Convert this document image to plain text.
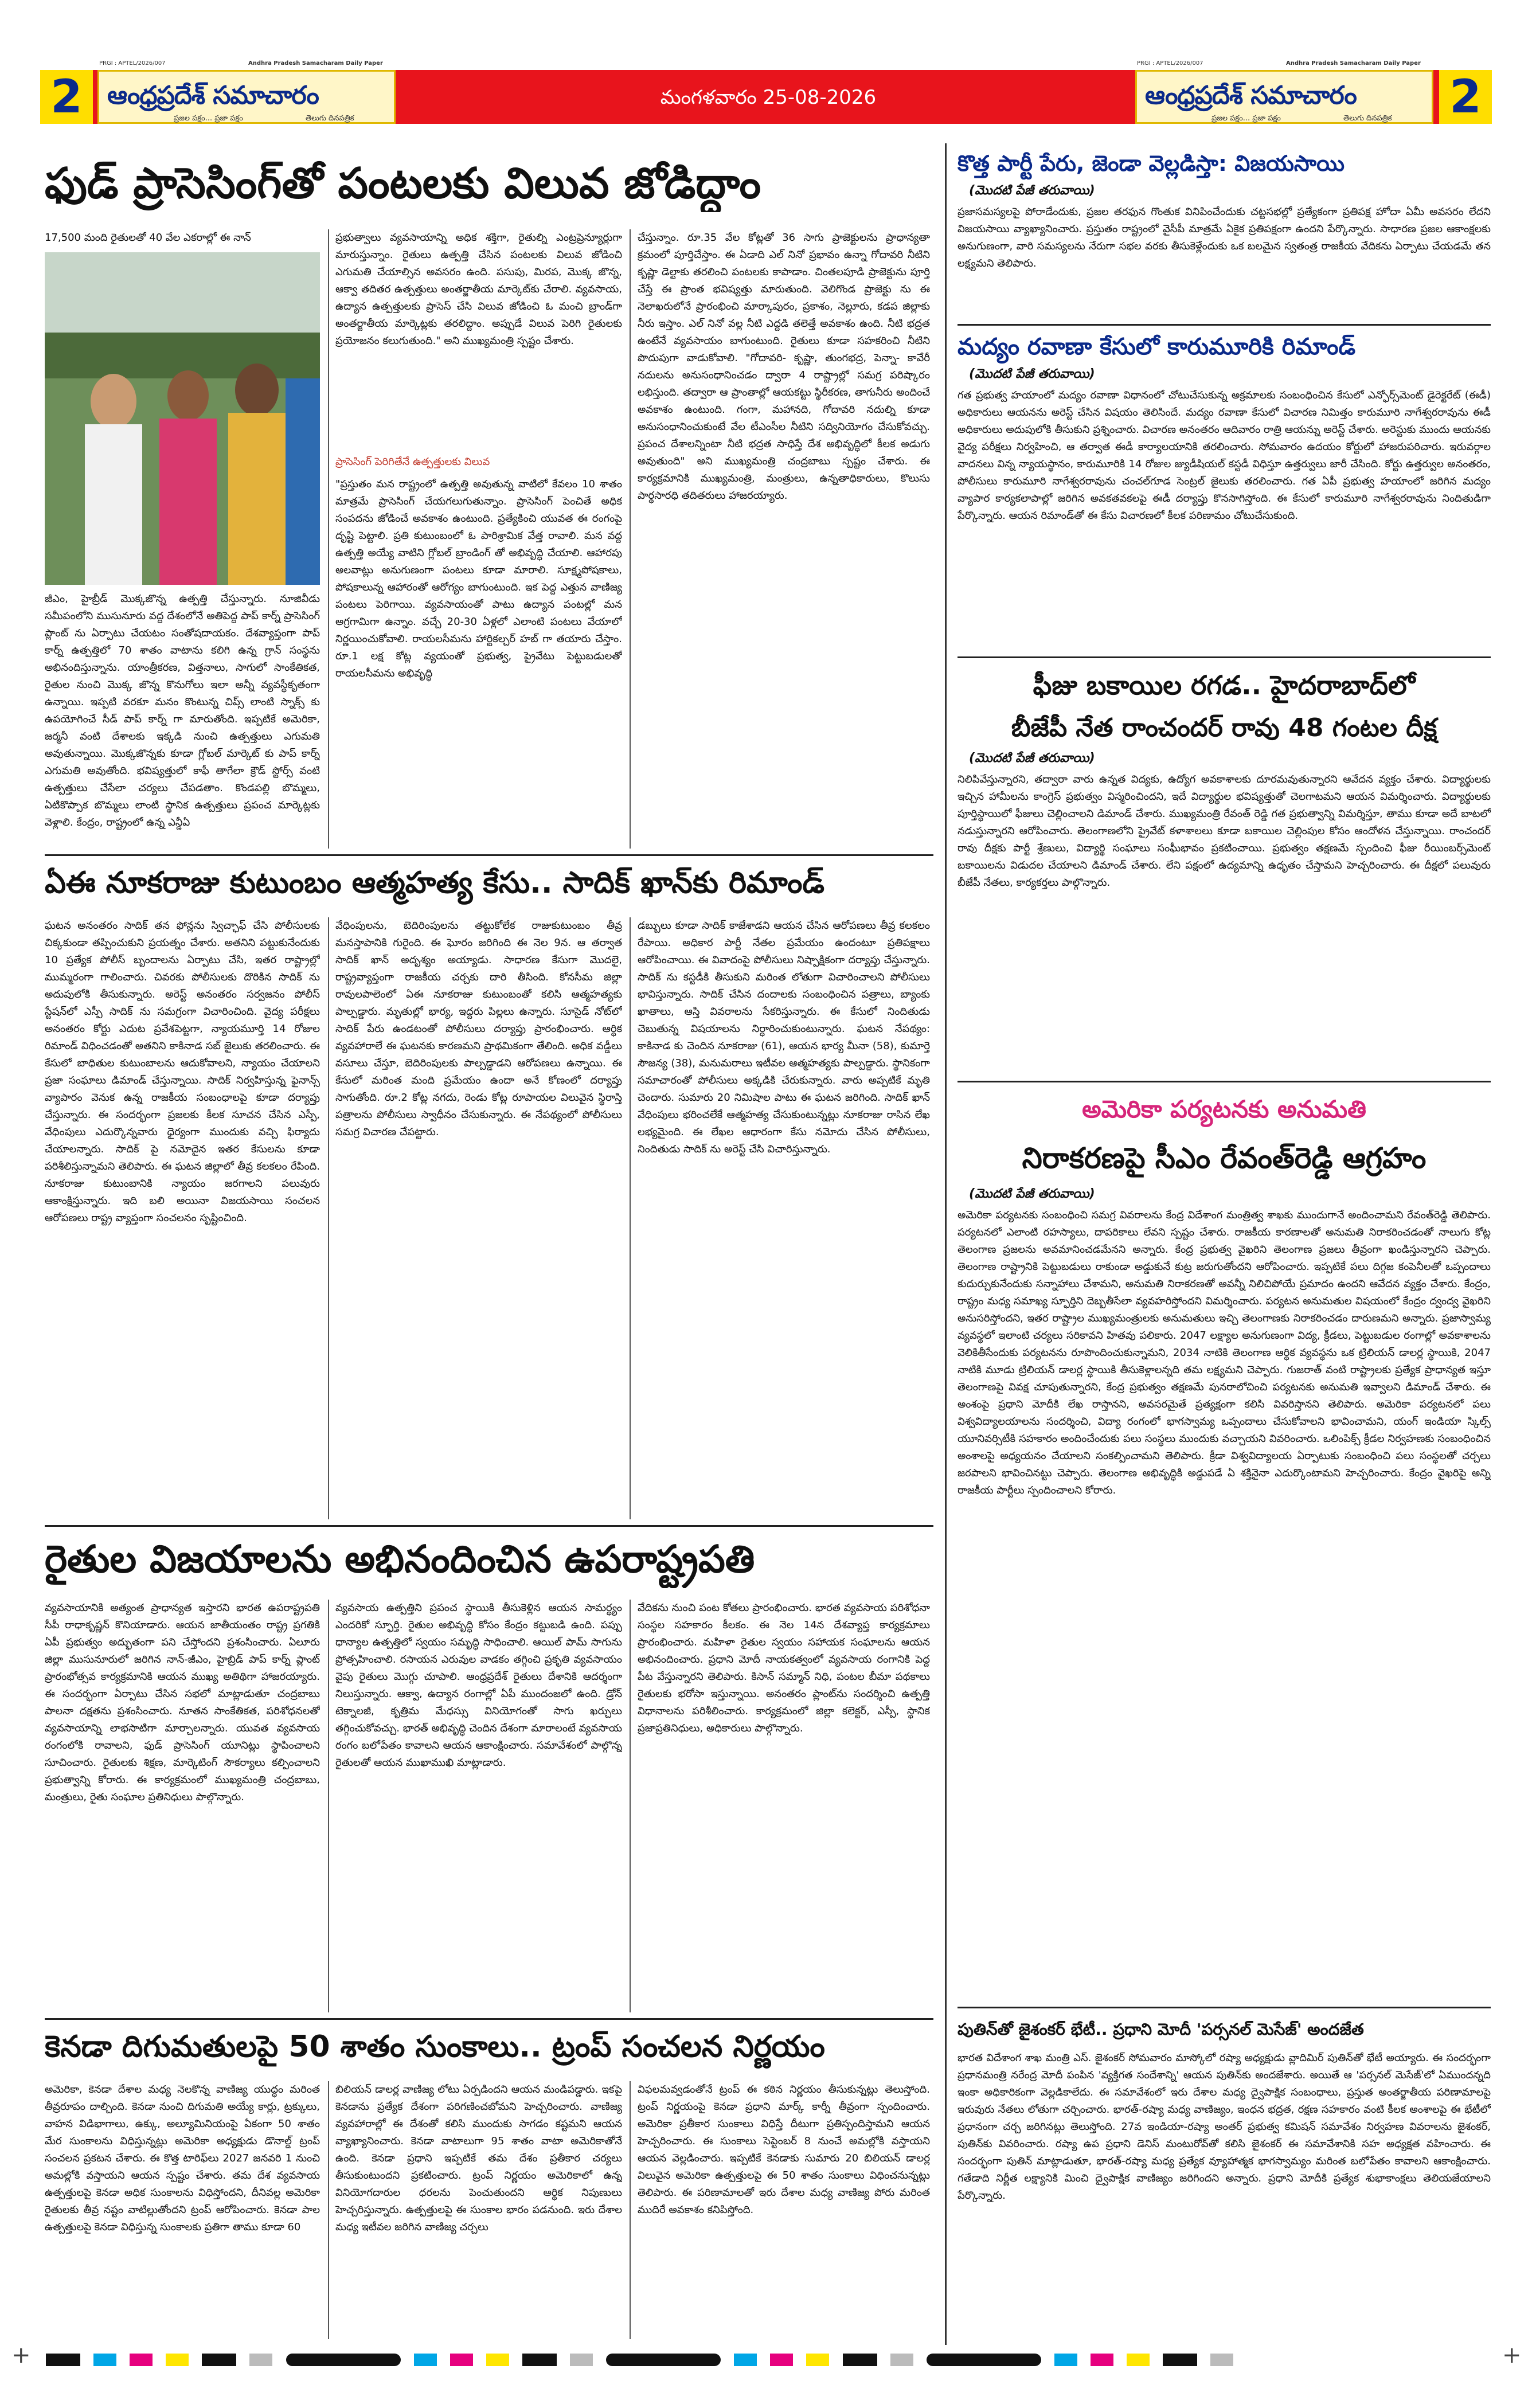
2
PRGI : APTEL/2026/007	Andhra Pradesh Samacharam Daily Paper
ఆంధ్రప్రదేశ్ సమాచారం
ప్రజల పక్షం... ప్రజా పక్షం	తెలుగు దినపత్రిక
మంగళవారం 25-08-2026
PRGI : APTEL/2026/007	Andhra Pradesh Samacharam Daily Paper
ఆంధ్రప్రదేశ్ సమాచారం
ప్రజల పక్షం... ప్రజా పక్షం	తెలుగు దినపత్రిక 2
ఫుడ్ ప్రాసెసింగ్‌తో పంటలకు విలువ జోడిద్దాం
17,500 మంది రైతులతో 40 వేల ఎకరాల్లో ఈ నాన్
జీఎం, హైబ్రీడ్ మొక్కజొన్న ఉత్పత్తి చేస్తున్నారు. నూజివీడు సమీపంలోని ముసునూరు వద్ద దేశంలోనే అతిపెద్ద పాప్ కార్న్ ప్రాసెసింగ్ ప్లాంట్ ను ఏర్పాటు చేయటం సంతోషదాయకం. దేశవ్యాప్తంగా పాప్ కార్న్ ఉత్పత్తిలో 70 శాతం వాటాను కలిగి ఉన్న గ్రాన్ సంస్థను అభినందిస్తున్నాను. యాంత్రీకరణ, విత్తనాలు, సాగులో సాంకేతికత, రైతుల నుంచి మొక్క జొన్న కొనుగోలు ఇలా అన్నీ వ్యవస్థీకృతంగా ఉన్నాయి. ఇప్పటి వరకూ మనం కొంటున్న చిప్స్ లాంటి స్నాక్స్ కు ఉపయోగించే సీడ్ పాప్ కార్న్ గా మారుతోంది. ఇప్పటికే అమెరికా, జర్మనీ వంటి దేశాలకు ఇక్కడి నుంచి ఉత్పత్తులు ఎగుమతి అవుతున్నాయి. మొక్కజొన్నకు కూడా గ్లోబల్ మార్కెట్ కు పాప్ కార్న్ ఎగుమతి అవుతోంది. భవిష్యత్తులో కాఫీ తాగేలా క్రౌడ్ స్టోర్స్ వంటి ఉత్పత్తులు చేసేలా చర్యలు చేపడతాం. కొండపల్లి బొమ్మలు, ఏటికొప్పాక బొమ్మలు లాంటి స్థానిక ఉత్పత్తులు ప్రపంచ మార్కెట్లకు వెళ్లాలి. కేంద్రం, రాష్ట్రంలో ఉన్న ఎన్డీఏ
ప్రభుత్వాలు వ్యవసాయాన్ని అధిక శక్తిగా, రైతుల్ని ఎంట్రప్రెన్యూర్లుగా మారుస్తున్నాం. రైతులు ఉత్పత్తి చేసిన పంటలకు విలువ జోడించి ఎగుమతి చేయాల్సిన అవసరం ఉంది. పసుపు, మిరప, మొక్క జొన్న, ఆక్వా తదితర ఉత్పత్తులు అంతర్జాతీయ మార్కెట్‌కు చేరాలి. వ్యవసాయ, ఉద్యాన ఉత్పత్తులకు ప్రాసెస్ చేసి విలువ జోడించి ఓ మంచి బ్రాండ్‌గా అంతర్జాతీయ మార్కెట్లకు తరలిద్దాం. అప్పుడే విలువ పెరిగి రైతులకు ప్రయోజనం కలుగుతుంది." అని ముఖ్యమంత్రి స్పష్టం చేశారు.
ప్రాసెసింగ్ పెరిగితేనే ఉత్పత్తులకు విలువ
"ప్రస్తుతం మన రాష్ట్రంలో ఉత్పత్తి అవుతున్న వాటిలో కేవలం 10 శాతం మాత్రమే ప్రాసెసింగ్ చేయగలుగుతున్నాం. ప్రాసెసింగ్ పెంచితే అధిక సంపదను జోడించే అవకాశం ఉంటుంది. ప్రత్యేకించి యువత ఈ రంగంపై దృష్టి పెట్టాలి. ప్రతి కుటుంబంలో ఓ పారిశ్రామిక వేత్త రావాలి. మన వద్ద ఉత్పత్తి అయ్యే వాటిని గ్లోబల్ బ్రాండింగ్ తో అభివృద్ధి చేయాలి. ఆహారపు అలవాట్లు అనుగుణంగా పంటలు కూడా మారాలి. సూక్ష్మపోషకాలు, పోషకాలున్న ఆహారంతో ఆరోగ్యం బాగుంటుంది. ఇక పెద్ద ఎత్తున వాణిజ్య పంటలు పెరిగాయి. వ్యవసాయంతో పాటు ఉద్యాన పంటల్లో మన అగ్రగామిగా ఉన్నాం. వచ్చే 20-30 ఏళ్లలో ఎలాంటి పంటలు వేయాలో నిర్ణయించుకోవాలి. రాయలసీమను హార్టికల్చర్ హబ్ గా తయారు చేస్తాం. రూ.1 లక్ష కోట్ల వ్యయంతో ప్రభుత్వ, ప్రైవేటు పెట్టుబడులతో రాయలసీమను అభివృద్ధి
చేస్తున్నాం. రూ.35 వేల కోట్లతో 36 సాగు ప్రాజెక్టులను ప్రాధాన్యతా క్రమంలో పూర్తిచేస్తాం. ఈ ఏడాది ఎల్ నినో ప్రభావం ఉన్నా గోదావరి నీటిని కృష్ణా డెల్టాకు తరలించి పంటలకు కాపాడాం. చింతలపూడి ప్రాజెక్టును పూర్తి చేస్తే ఈ ప్రాంత భవిష్యత్తు మారుతుంది. వెలిగొండ ప్రాజెక్టు ను ఈ నెలాఖరులోనే ప్రారంభించి మార్కాపురం, ప్రకాశం, నెల్లూరు, కడప జిల్లాకు నీరు ఇస్తాం. ఎల్ నినో వల్ల నీటి ఎద్దడి తలెత్తే అవకాశం ఉంది. నీటి భద్రత ఉంటేనే వ్యవసాయం బాగుంటుంది. రైతులు కూడా సహకరించి నీటిని పొదుపుగా వాడుకోవాలి. "గోదావరి- కృష్ణా, తుంగభద్ర, పెన్నా- కావేరీ నదులను అనుసంధానించడం ద్వారా 4 రాష్ట్రాల్లో సమగ్ర పరిష్కారం లభిస్తుంది. తద్వారా ఆ ప్రాంతాల్లో ఆయకట్టు స్థిరీకరణ, తాగునీరు అందించే అవకాశం ఉంటుంది. గంగా, మహానది, గోదావరి నదుల్ని కూడా అనుసంధానించుకుంటే వేల టీఎంసీల నీటిని సద్వినియోగం చేసుకోవచ్చు. ప్రపంచ దేశాలన్నింటా నీటి భద్రత సాధిస్తే దేశ అభివృద్ధిలో కీలక అడుగు అవుతుంది" అని ముఖ్యమంత్రి చంద్రబాబు స్పష్టం చేశారు. ఈ కార్యక్రమానికి ముఖ్యమంత్రి, మంత్రులు, ఉన్నతాధికారులు, కొలుసు పార్థసారధి తదితరులు హాజరయ్యారు.
ఏఈ నూకరాజు కుటుంబం ఆత్మహత్య కేసు.. సాదిక్ ఖాన్‌కు రిమాండ్
ఘటన అనంతరం సాదిక్ తన ఫోన్లను స్విచ్ఛాఫ్ చేసి పోలీసులకు చిక్కకుండా తప్పించుకుని ప్రయత్నం చేశారు. అతనిని పట్టుకునేందుకు 10 ప్రత్యేక పోలీస్ బృందాలను ఏర్పాటు చేసి, ఇతర రాష్ట్రాల్లో ముమ్మరంగా గాలించారు. చివరకు పోలీసులకు దొరికిన సాదిక్ ను అదుపులోకి తీసుకున్నారు. అరెస్ట్ అనంతరం సర్వజనం పోలీస్ స్టేషన్‌లో ఎస్పీ సాదిక్ ను సమగ్రంగా విచారించింది. వైద్య పరీక్షలు అనంతరం కోర్టు ఎదుట ప్రవేశపెట్టగా, న్యాయమూర్తి 14 రోజుల రిమాండ్ విధించడంతో అతనిని కాకినాడ సబ్ జైలుకు తరలించారు. ఈ కేసులో బాధితుల కుటుంబాలను ఆదుకోవాలని, న్యాయం చేయాలని ప్రజా సంఘాలు డిమాండ్ చేస్తున్నాయి. సాదిక్ నిర్వహిస్తున్న ఫైనాన్స్ వ్యాపారం వెనుక ఉన్న రాజకీయ సంబంధాలపై కూడా దర్యాప్తు చేస్తున్నారు. ఈ సందర్భంగా ప్రజలకు కీలక సూచన చేసిన ఎస్పీ, వేధింపులు ఎదుర్కొన్నవారు ధైర్యంగా ముందుకు వచ్చి ఫిర్యాదు చేయాలన్నారు. సాదిక్ పై నమోదైన ఇతర కేసులను కూడా పరిశీలిస్తున్నామని తెలిపారు. ఈ ఘటన జిల్లాలో తీవ్ర కలకలం రేపింది. నూకరాజు కుటుంబానికి న్యాయం జరగాలని పలువురు ఆకాంక్షిస్తున్నారు. ఇది బలి అయినా విజయసాయి సంచలన ఆరోపణలు రాష్ట్ర వ్యాప్తంగా సంచలనం సృష్టించింది.
వేధింపులను, బెదిరింపులను తట్టుకోలేక రాజుకుటుంబం తీవ్ర మనస్తాపానికి గురైంది. ఈ ఘోరం జరిగింది ఈ నెల 9న. ఆ తర్వాత సాదిక్ ఖాన్ అదృశ్యం అయ్యాడు. సాధారణ కేసుగా మొదలై, రాష్ట్రవ్యాప్తంగా రాజకీయ చర్చకు దారి తీసింది. కోనసీమ జిల్లా రావులపాలెంలో ఏఈ నూకరాజు కుటుంబంతో కలిసి ఆత్మహత్యకు పాల్పడ్డారు. మృతుల్లో భార్య, ఇద్దరు పిల్లలు ఉన్నారు. సూసైడ్ నోట్‌లో సాదిక్ పేరు ఉండటంతో పోలీసులు దర్యాప్తు ప్రారంభించారు. ఆర్థిక వ్యవహారాలే ఈ ఘటనకు కారణమని ప్రాథమికంగా తేలింది. అధిక వడ్డీలు వసూలు చేస్తూ, బెదిరింపులకు పాల్పడ్డాడని ఆరోపణలు ఉన్నాయి. ఈ కేసులో మరింత మంది ప్రమేయం ఉందా అనే కోణంలో దర్యాప్తు సాగుతోంది. రూ.2 కోట్ల నగదు, రెండు కోట్ల రూపాయల విలువైన స్థిరాస్తి పత్రాలను పోలీసులు స్వాధీనం చేసుకున్నారు. ఈ నేపథ్యంలో పోలీసులు సమగ్ర విచారణ చేపట్టారు.
డబ్బులు కూడా సాదిక్ కాజేశాడని ఆయన చేసిన ఆరోపణలు తీవ్ర కలకలం రేపాయి. అధికార పార్టీ నేతల ప్రమేయం ఉందంటూ ప్రతిపక్షాలు ఆరోపించాయి. ఈ వివాదంపై పోలీసులు నిష్పాక్షికంగా దర్యాప్తు చేస్తున్నారు. సాదిక్ ను కస్టడీకి తీసుకుని మరింత లోతుగా విచారించాలని పోలీసులు భావిస్తున్నారు. సాదిక్ చేసిన దందాలకు సంబంధించిన పత్రాలు, బ్యాంకు ఖాతాలు, ఆస్తి వివరాలను సేకరిస్తున్నారు. ఈ కేసులో నిందితుడు చెబుతున్న విషయాలను నిర్ధారించుకుంటున్నారు. ఘటన నేపథ్యం: కాకినాడ కు చెందిన నూకరాజు (61), ఆయన భార్య మీనా (58), కుమార్తె సౌజన్య (38), మనుమరాలు ఇటీవల ఆత్మహత్యకు పాల్పడ్డారు. స్థానికంగా సమాచారంతో పోలీసులు అక్కడికి చేరుకున్నారు. వారు అప్పటికే మృతి చెందారు. సుమారు 20 నిమిషాల పాటు ఈ ఘటన జరిగింది. సాదిక్ ఖాన్ వేధింపులు భరించలేకే ఆత్మహత్య చేసుకుంటున్నట్లు నూకరాజు రాసిన లేఖ లభ్యమైంది. ఈ లేఖల ఆధారంగా కేసు నమోదు చేసిన పోలీసులు, నిందితుడు సాదిక్ ను అరెస్ట్ చేసి విచారిస్తున్నారు.
రైతుల విజయాలను అభినందించిన ఉపరాష్ట్రపతి
వ్యవసాయానికి అత్యంత ప్రాధాన్యత ఇస్తారని భారత ఉపరాష్ట్రపతి సీపీ రాధాకృష్ణన్ కొనియాడారు. ఆయన జాతీయంతం రాష్ట్ర ప్రగతికి ఏపీ ప్రభుత్వం అద్భుతంగా పని చేస్తోందని ప్రశంసించారు. ఏలూరు జిల్లా ముసునూరులో జరిగిన నాన్-జీఎం, హైబ్రిడ్ పాప్ కార్న్ ప్లాంట్ ప్రారంభోత్సవ కార్యక్రమానికి ఆయన ముఖ్య అతిథిగా హాజరయ్యారు. ఈ సందర్భంగా ఏర్పాటు చేసిన సభలో మాట్లాడుతూ చంద్రబాబు పాలనా దక్షతను ప్రశంసించారు. నూతన సాంకేతికత, పరిశోధనలతో వ్యవసాయాన్ని లాభసాటిగా మార్చాలన్నారు. యువత వ్యవసాయ రంగంలోకి రావాలని, ఫుడ్ ప్రాసెసింగ్ యూనిట్లు స్థాపించాలని సూచించారు. రైతులకు శిక్షణ, మార్కెటింగ్ సౌకర్యాలు కల్పించాలని ప్రభుత్వాన్ని కోరారు. ఈ కార్యక్రమంలో ముఖ్యమంత్రి చంద్రబాబు, మంత్రులు, రైతు సంఘాల ప్రతినిధులు పాల్గొన్నారు.
వ్యవసాయ ఉత్పత్తిని ప్రపంచ స్థాయికి తీసుకెళ్లిన ఆయన సామర్థ్యం ఎందరికో స్ఫూర్తి. రైతుల అభివృద్ధి కోసం కేంద్రం కట్టుబడి ఉంది. పప్పు ధాన్యాల ఉత్పత్తిలో స్వయం సమృద్ధి సాధించాలి. ఆయిల్ పామ్ సాగును ప్రోత్సహించాలి. రసాయన ఎరువుల వాడకం తగ్గించి ప్రకృతి వ్యవసాయం వైపు రైతులు మొగ్గు చూపాలి. ఆంధ్రప్రదేశ్ రైతులు దేశానికి ఆదర్శంగా నిలుస్తున్నారు. ఆక్వా, ఉద్యాన రంగాల్లో ఏపీ ముందంజలో ఉంది. డ్రోన్ టెక్నాలజీ, కృత్రిమ మేధస్సు వినియోగంతో సాగు ఖర్చులు తగ్గించుకోవచ్చు. భారత్ అభివృద్ధి చెందిన దేశంగా మారాలంటే వ్యవసాయ రంగం బలోపేతం కావాలని ఆయన ఆకాంక్షించారు. సమావేశంలో పాల్గొన్న రైతులతో ఆయన ముఖాముఖి మాట్లాడారు.
వేదికను నుంచి పంట కోతలు ప్రారంభించారు. భారత వ్యవసాయ పరిశోధనా సంస్థల సహకారం కీలకం. ఈ నెల 14న దేశవ్యాప్త కార్యక్రమాలు ప్రారంభించారు. మహిళా రైతుల స్వయం సహాయక సంఘాలను ఆయన అభినందించారు. ప్రధాని మోదీ నాయకత్వంలో వ్యవసాయ రంగానికి పెద్ద పీట వేస్తున్నారని తెలిపారు. కిసాన్ సమ్మాన్ నిధి, పంటల బీమా పథకాలు రైతులకు భరోసా ఇస్తున్నాయి. అనంతరం ప్లాంట్‌ను సందర్శించి ఉత్పత్తి విధానాలను పరిశీలించారు. కార్యక్రమంలో జిల్లా కలెక్టర్, ఎస్పీ, స్థానిక ప్రజాప్రతినిధులు, అధికారులు పాల్గొన్నారు.
కెనడా దిగుమతులపై 50 శాతం సుంకాలు.. ట్రంప్ సంచలన నిర్ణయం
అమెరికా, కెనడా దేశాల మధ్య నెలకొన్న వాణిజ్య యుద్ధం మరింత తీవ్రరూపం దాల్చింది. కెనడా నుంచి దిగుమతి అయ్యే కార్లు, ట్రక్కులు, వాహన విడిభాగాలు, ఉక్కు, అల్యూమినియంపై ఏకంగా 50 శాతం మేర సుంకాలను విధిస్తున్నట్లు అమెరికా అధ్యక్షుడు డొనాల్డ్ ట్రంప్ సంచలన ప్రకటన చేశారు. ఈ కొత్త టారిఫ్‌లు 2027 జనవరి 1 నుంచి అమల్లోకి వస్తాయని ఆయన స్పష్టం చేశారు. తమ దేశ వ్యవసాయ ఉత్పత్తులపై కెనడా అధిక సుంకాలను విధిస్తోందని, దీనివల్ల అమెరికా రైతులకు తీవ్ర నష్టం వాటిల్లుతోందని ట్రంప్ ఆరోపించారు. కెనడా పాల ఉత్పత్తులపై కెనడా విధిస్తున్న సుంకాలకు ప్రతిగా తాము కూడా 60
బిలియన్ డాలర్ల వాణిజ్య లోటు ఏర్పడిందని ఆయన మండిపడ్డారు. ఇకపై కెనడాను ప్రత్యేక దేశంగా పరిగణించబోమని హెచ్చరించారు. వాణిజ్య వ్యవహారాల్లో ఈ దేశంతో కలిసి ముందుకు సాగడం కష్టమని ఆయన వ్యాఖ్యానించారు. కెనడా వాటాలుగా 95 శాతం వాటా అమెరికాతోనే ఉంది. కెనడా ప్రధాని ఇప్పటికే తమ దేశం ప్రతీకార చర్యలు తీసుకుంటుందని ప్రకటించారు. ట్రంప్ నిర్ణయం అమెరికాలో ఉన్న వినియోగదారుల ధరలను పెంచుతుందని ఆర్థిక నిపుణులు హెచ్చరిస్తున్నారు. ఉత్పత్తులపై ఈ సుంకాల భారం పడనుంది. ఇరు దేశాల మధ్య ఇటీవల జరిగిన వాణిజ్య చర్చలు
విఫలమవ్వడంతోనే ట్రంప్ ఈ కఠిన నిర్ణయం తీసుకున్నట్లు తెలుస్తోంది. ట్రంప్ నిర్ణయంపై కెనడా ప్రధాని మార్క్ కార్నీ తీవ్రంగా స్పందించారు. అమెరికా ప్రతీకార సుంకాలు విధిస్తే దీటుగా ప్రతిస్పందిస్తామని ఆయన హెచ్చరించారు. ఈ సుంకాలు సెప్టెంబర్ 8 నుంచే అమల్లోకి వస్తాయని ఆయన వెల్లడించారు. ఇప్పటికే కెనడాకు సుమారు 20 బిలియన్ డాలర్ల విలువైన అమెరికా ఉత్పత్తులపై ఈ 50 శాతం సుంకాలు విధించనున్నట్లు తెలిపారు. ఈ పరిణామాలతో ఇరు దేశాల మధ్య వాణిజ్య పోరు మరింత ముదిరే అవకాశం కనిపిస్తోంది.
కొత్త పార్టీ పేరు, జెండా వెల్లడిస్తా: విజయసాయి
(మొదటి పేజీ తరువాయి)
ప్రజాసమస్యలపై పోరాడేందుకు, ప్రజల తరఫున గొంతుక వినిపించేందుకు చట్టసభల్లో ప్రత్యేకంగా ప్రతిపక్ష హోదా ఏమీ అవసరం లేదని విజయసాయి వ్యాఖ్యానించారు. ప్రస్తుతం రాష్ట్రంలో వైసీపీ మాత్రమే ఏకైక ప్రతిపక్షంగా ఉందని పేర్కొన్నారు. సాధారణ ప్రజల ఆకాంక్షలకు అనుగుణంగా, వారి సమస్యలను నేరుగా సభల వరకు తీసుకెళ్లేందుకు ఒక బలమైన స్వతంత్ర రాజకీయ వేదికను ఏర్పాటు చేయడమే తన లక్ష్యమని తెలిపారు.
మద్యం రవాణా కేసులో కారుమూరికి రిమాండ్
(మొదటి పేజీ తరువాయి)
గత ప్రభుత్వ హయాంలో మద్యం రవాణా విధానంలో చోటుచేసుకున్న అక్రమాలకు సంబంధించిన కేసులో ఎన్ఫోర్స్‌మెంట్ డైరెక్టరేట్ (ఈడీ) అధికారులు ఆయనను అరెస్ట్ చేసిన విషయం తెలిసిందే. మద్యం రవాణా కేసులో విచారణ నిమిత్తం కారుమూరి నాగేశ్వరరావును ఈడీ అధికారులు అదుపులోకి తీసుకుని ప్రశ్నించారు. విచారణ అనంతరం ఆదివారం రాత్రి ఆయన్ను అరెస్ట్ చేశారు. అరెస్టుకు ముందు ఆయనకు వైద్య పరీక్షలు నిర్వహించి, ఆ తర్వాత ఈడీ కార్యాలయానికి తరలించారు. సోమవారం ఉదయం కోర్టులో హాజరుపరిచారు. ఇరువర్గాల వాదనలు విన్న న్యాయస్థానం, కారుమూరికి 14 రోజుల జ్యుడీషియల్ కస్టడీ విధిస్తూ ఉత్తర్వులు జారీ చేసింది. కోర్టు ఉత్తర్వుల అనంతరం, పోలీసులు కారుమూరి నాగేశ్వరరావును చంచల్‌గూడ సెంట్రల్ జైలుకు తరలించారు. గత ఏపీ ప్రభుత్వ హయాంలో జరిగిన మద్యం వ్యాపార కార్యకలాపాల్లో జరిగిన అవకతవకలపై ఈడీ దర్యాప్తు కొనసాగిస్తోంది. ఈ కేసులో కారుమూరి నాగేశ్వరరావును నిందితుడిగా పేర్కొన్నారు. ఆయన రిమాండ్‌తో ఈ కేసు విచారణలో కీలక పరిణామం చోటుచేసుకుంది.
ఫీజు బకాయిల రగడ.. హైదరాబాద్‌లో
బీజేపీ నేత రాంచందర్ రావు 48 గంటల దీక్ష
(మొదటి పేజీ తరువాయి)
నిలిపివేస్తున్నారని, తద్వారా వారు ఉన్నత విద్యకు, ఉద్యోగ అవకాశాలకు దూరమవుతున్నారని ఆవేదన వ్యక్తం చేశారు. విద్యార్థులకు ఇచ్చిన హామీలను కాంగ్రెస్ ప్రభుత్వం విస్మరించిందని, ఇదే విద్యార్థుల భవిష్యత్తుతో చెలగాటమని ఆయన విమర్శించారు. విద్యార్థులకు పూర్తిస్థాయిలో ఫీజులు చెల్లించాలని డిమాండ్ చేశారు. ముఖ్యమంత్రి రేవంత్ రెడ్డి గత ప్రభుత్వాన్ని విమర్శిస్తూ, తాము కూడా అదే బాటలో నడుస్తున్నారని ఆరోపించారు. తెలంగాణలోని ప్రైవేట్ కళాశాలలు కూడా బకాయిల చెల్లింపుల కోసం ఆందోళన చేస్తున్నాయి. రాంచందర్ రావు దీక్షకు పార్టీ శ్రేణులు, విద్యార్థి సంఘాలు సంఘీభావం ప్రకటించాయి. ప్రభుత్వం తక్షణమే స్పందించి ఫీజు రీయింబర్స్‌మెంట్ బకాయిలను విడుదల చేయాలని డిమాండ్ చేశారు. లేని పక్షంలో ఉద్యమాన్ని ఉధృతం చేస్తామని హెచ్చరించారు. ఈ దీక్షలో పలువురు బీజేపీ నేతలు, కార్యకర్తలు పాల్గొన్నారు.
అమెరికా పర్యటనకు అనుమతి
నిరాకరణపై సీఎం రేవంత్‌రెడ్డి ఆగ్రహం
(మొదటి పేజీ తరువాయి)
అమెరికా పర్యటనకు సంబంధించి సమగ్ర వివరాలను కేంద్ర విదేశాంగ మంత్రిత్వ శాఖకు ముందుగానే అందించామని రేవంత్‌రెడ్డి తెలిపారు. పర్యటనలో ఎలాంటి రహస్యాలు, దాపరికాలు లేవని స్పష్టం చేశారు. రాజకీయ కారణాలతో అనుమతి నిరాకరించడంతో నాలుగు కోట్ల తెలంగాణ ప్రజలను అవమానించడమేనని అన్నారు. కేంద్ర ప్రభుత్వ వైఖరిని తెలంగాణ ప్రజలు తీవ్రంగా ఖండిస్తున్నారని చెప్పారు. తెలంగాణ రాష్ట్రానికి పెట్టుబడులు రాకుండా అడ్డుకునే కుట్ర జరుగుతోందని ఆరోపించారు. ఇప్పటికే పలు దిగ్గజ కంపెనీలతో ఒప్పందాలు కుదుర్చుకునేందుకు సన్నాహాలు చేశామని, అనుమతి నిరాకరణతో అవన్నీ నిలిచిపోయే ప్రమాదం ఉందని ఆవేదన వ్యక్తం చేశారు. కేంద్రం, రాష్ట్రం మధ్య సమాఖ్య స్ఫూర్తిని దెబ్బతీసేలా వ్యవహరిస్తోందని విమర్శించారు. పర్యటన అనుమతుల విషయంలో కేంద్రం ద్వంద్వ వైఖరిని అనుసరిస్తోందని, ఇతర రాష్ట్రాల ముఖ్యమంత్రులకు అనుమతులు ఇచ్చి తెలంగాణకు నిరాకరించడం దారుణమని అన్నారు. ప్రజాస్వామ్య వ్యవస్థలో ఇలాంటి చర్యలు సరికావని హితవు పలికారు. 2047 లక్ష్యాల అనుగుణంగా విద్య, క్రీడలు, పెట్టుబడుల రంగాల్లో అవకాశాలను వెలికితీసేందుకు పర్యటనను రూపొందించుకున్నామని, 2034 నాటికి తెలంగాణ ఆర్థిక వ్యవస్థను ఒక ట్రిలియన్ డాలర్ల స్థాయికి, 2047 నాటికి మూడు ట్రిలియన్ డాలర్ల స్థాయికి తీసుకెళ్లాలన్నది తమ లక్ష్యమని చెప్పారు. గుజరాత్ వంటి రాష్ట్రాలకు ప్రత్యేక ప్రాధాన్యత ఇస్తూ తెలంగాణపై వివక్ష చూపుతున్నారని, కేంద్ర ప్రభుత్వం తక్షణమే పునరాలోచించి పర్యటనకు అనుమతి ఇవ్వాలని డిమాండ్ చేశారు. ఈ అంశంపై ప్రధాని మోదీకి లేఖ రాస్తానని, అవసరమైతే ప్రత్యక్షంగా కలిసి వివరిస్తానని తెలిపారు. అమెరికా పర్యటనలో పలు విశ్వవిద్యాలయాలను సందర్శించి, విద్యా రంగంలో భాగస్వామ్య ఒప్పందాలు చేసుకోవాలని భావించామని, యంగ్ ఇండియా స్కిల్స్ యూనివర్సిటీకి సహకారం అందించేందుకు పలు సంస్థలు ముందుకు వచ్చాయని వివరించారు. ఒలింపిక్స్ క్రీడల నిర్వహణకు సంబంధించిన అంశాలపై అధ్యయనం చేయాలని సంకల్పించామని తెలిపారు. క్రీడా విశ్వవిద్యాలయ ఏర్పాటుకు సంబంధించి పలు సంస్థలతో చర్చలు జరపాలని భావించినట్టు చెప్పారు. తెలంగాణ అభివృద్ధికి అడ్డుపడే ఏ శక్తినైనా ఎదుర్కొంటామని హెచ్చరించారు. కేంద్రం వైఖరిపై అన్ని రాజకీయ పార్టీలు స్పందించాలని కోరారు.
పుతిన్‌తో జైశంకర్ భేటీ.. ప్రధాని మోదీ 'పర్సనల్ మెసేజ్' అందజేత
భారత విదేశాంగ శాఖ మంత్రి ఎస్. జైశంకర్ సోమవారం మాస్కోలో రష్యా అధ్యక్షుడు వ్లాదిమిర్ పుతిన్‌తో భేటీ అయ్యారు. ఈ సందర్భంగా ప్రధానమంత్రి నరేంద్ర మోదీ పంపిన 'వ్యక్తిగత సందేశాన్ని' ఆయన పుతిన్‌కు అందజేశారు. అయితే ఆ 'పర్సనల్ మెసేజ్'లో ఏముందన్నది ఇంకా అధికారికంగా వెల్లడికాలేదు. ఈ సమావేశంలో ఇరు దేశాల మధ్య ద్వైపాక్షిక సంబంధాలు, ప్రస్తుత అంతర్జాతీయ పరిణామాలపై ఇరువురు నేతలు లోతుగా చర్చించారు. భారత్-రష్యా మధ్య వాణిజ్యం, ఇంధన భద్రత, రక్షణ సహకారం వంటి కీలక అంశాలపై ఈ భేటీలో ప్రధానంగా చర్చ జరిగినట్లు తెలుస్తోంది. 27వ ఇండియా-రష్యా అంతర్ ప్రభుత్వ కమిషన్ సమావేశం నిర్వహణ వివరాలను జైశంకర్, పుతిన్‌కు వివరించారు. రష్యా ఉప ప్రధాని డెనిస్ మంటురోవ్‌తో కలిసి జైశంకర్ ఈ సమావేశానికి సహ అధ్యక్షత వహించారు. ఈ సందర్భంగా పుతిన్ మాట్లాడుతూ, భారత్-రష్యా మధ్య ప్రత్యేక వ్యూహాత్మక భాగస్వామ్యం మరింత బలోపేతం కావాలని ఆకాంక్షించారు. గతేడాది నిర్ణీత లక్ష్యానికి మించి ద్వైపాక్షిక వాణిజ్యం జరిగిందని అన్నారు. ప్రధాని మోదీకి ప్రత్యేక శుభాకాంక్షలు తెలియజేయాలని పేర్కొన్నారు.
+	+
